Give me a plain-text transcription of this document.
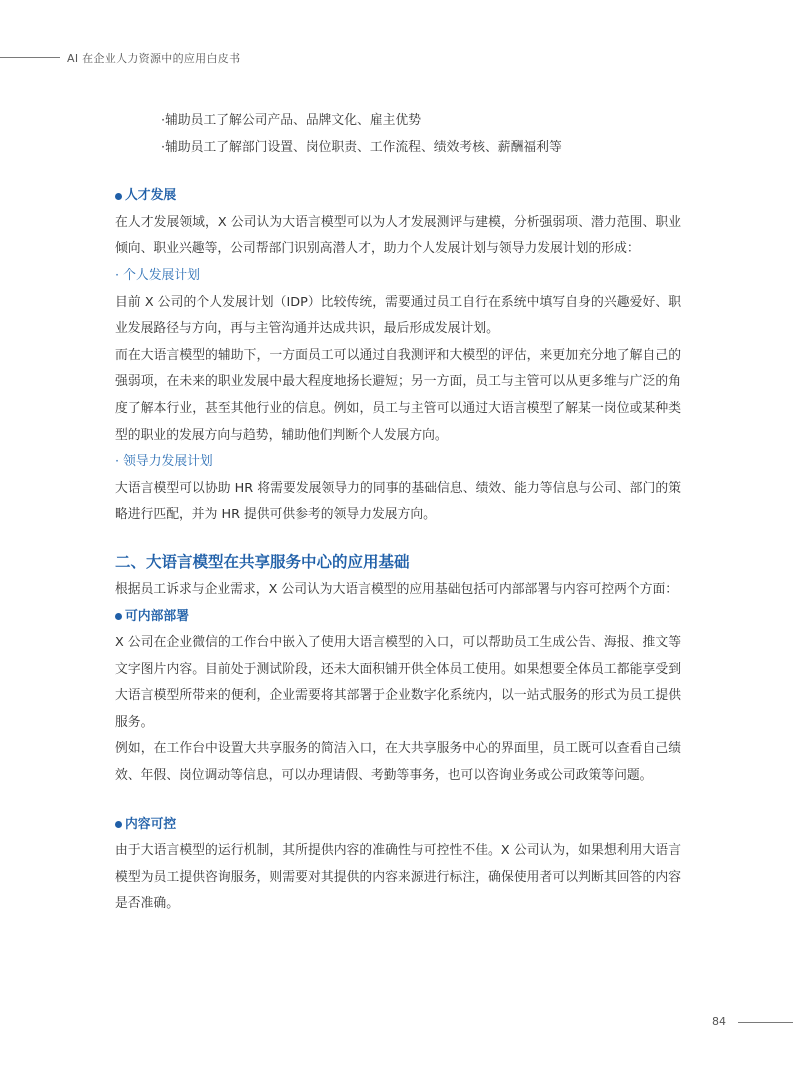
AI 在企业人力资源中的应用白皮书

·辅助员工了解公司产品、品牌文化、雇主优势

·辅助员工了解部门设置、岗位职责、工作流程、绩效考核、薪酬福利等

人才发展

在人才发展领域，X 公司认为大语言模型可以为人才发展测评与建模，分析强弱项、潜力范围、职业倾向、职业兴趣等，公司帮部门识别高潜人才，助力个人发展计划与领导力发展计划的形成：

· 个人发展计划

目前 X 公司的个人发展计划（IDP）比较传统，需要通过员工自行在系统中填写自身的兴趣爱好、职业发展路径与方向，再与主管沟通并达成共识，最后形成发展计划。

而在大语言模型的辅助下，一方面员工可以通过自我测评和大模型的评估，来更加充分地了解自己的强弱项，在未来的职业发展中最大程度地扬长避短；另一方面，员工与主管可以从更多维与广泛的角度了解本行业，甚至其他行业的信息。例如，员工与主管可以通过大语言模型了解某一岗位或某种类型的职业的发展方向与趋势，辅助他们判断个人发展方向。

· 领导力发展计划

大语言模型可以协助 HR 将需要发展领导力的同事的基础信息、绩效、能力等信息与公司、部门的策略进行匹配，并为 HR 提供可供参考的领导力发展方向。

二、大语言模型在共享服务中心的应用基础

根据员工诉求与企业需求，X 公司认为大语言模型的应用基础包括可内部部署与内容可控两个方面：

可内部部署

X 公司在企业微信的工作台中嵌入了使用大语言模型的入口，可以帮助员工生成公告、海报、推文等文字图片内容。目前处于测试阶段，还未大面积铺开供全体员工使用。如果想要全体员工都能享受到大语言模型所带来的便利，企业需要将其部署于企业数字化系统内，以一站式服务的形式为员工提供服务。

例如，在工作台中设置大共享服务的简洁入口，在大共享服务中心的界面里，员工既可以查看自己绩效、年假、岗位调动等信息，可以办理请假、考勤等事务，也可以咨询业务或公司政策等问题。

内容可控

由于大语言模型的运行机制，其所提供内容的准确性与可控性不佳。X 公司认为，如果想利用大语言模型为员工提供咨询服务，则需要对其提供的内容来源进行标注，确保使用者可以判断其回答的内容是否准确。

84
